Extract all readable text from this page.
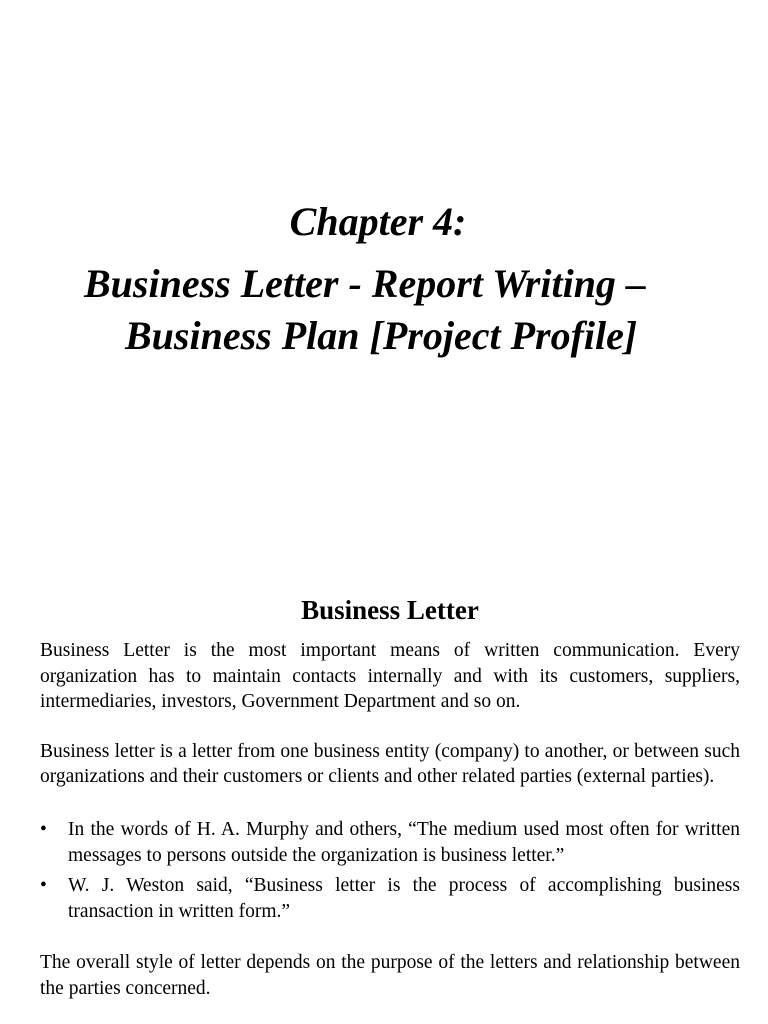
Chapter 4:
Business Letter - Report Writing –
Business Plan [Project Profile]
Business Letter

Business Letter is the most important means of written communication. Every organization has to maintain contacts internally and with its customers, suppliers, intermediaries, investors, Government Department and so on.

Business letter is a letter from one business entity (company) to another, or between such organizations and their customers or clients and other related parties (external parties).

• In the words of H. A. Murphy and others, “The medium used most often for written messages to persons outside the organization is business letter.”
• W. J. Weston said, “Business letter is the process of accomplishing business transaction in written form.”

The overall style of letter depends on the purpose of the letters and relationship between the parties concerned.
